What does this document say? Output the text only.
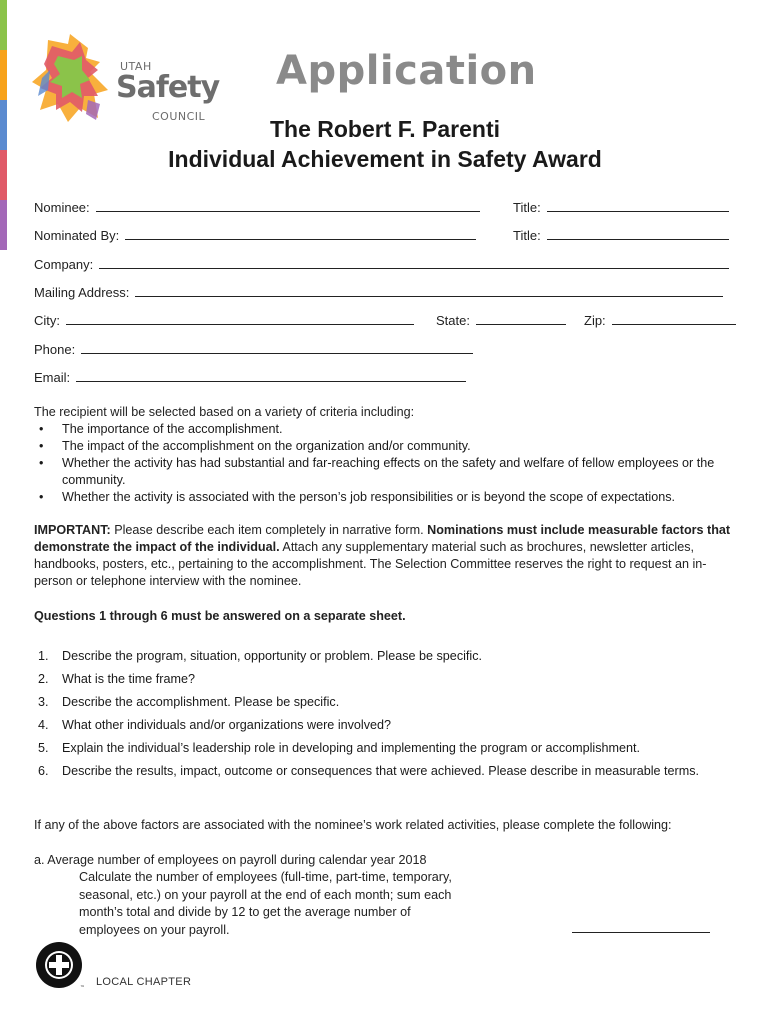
UTAH
Safety
COUNCIL
Application
The Robert F. Parenti
Individual Achievement in Safety Award
Nominee:	Title:
Nominated By:	Title:
Company:
Mailing Address:
City:	State:	Zip:
Phone:
Email:
The recipient will be selected based on a variety of criteria including:
• The importance of the accomplishment.
• The impact of the accomplishment on the organization and/or community.
• Whether the activity has had substantial and far-reaching effects on the safety and welfare of fellow employees or the community.
• Whether the activity is associated with the person’s job responsibilities or is beyond the scope of expectations.
IMPORTANT: Please describe each item completely in narrative form. Nominations must include measurable factors that demonstrate the impact of the individual. Attach any supplementary material such as brochures, newsletter articles, handbooks, posters, etc., pertaining to the accomplishment. The Selection Committee reserves the right to request an in-person or telephone interview with the nominee.
Questions 1 through 6 must be answered on a separate sheet.
1. Describe the program, situation, opportunity or problem. Please be specific.
2. What is the time frame?
3. Describe the accomplishment. Please be specific.
4. What other individuals and/or organizations were involved?
5. Explain the individual’s leadership role in developing and implementing the program or accomplishment.
6. Describe the results, impact, outcome or consequences that were achieved. Please describe in measurable terms.
If any of the above factors are associated with the nominee’s work related activities, please complete the following:
a. Average number of employees on payroll during calendar year 2018
Calculate the number of employees (full-time, part-time, temporary,
seasonal, etc.) on your payroll at the end of each month; sum each
month’s total and divide by 12 to get the average number of
employees on your payroll.
™ LOCAL CHAPTER
